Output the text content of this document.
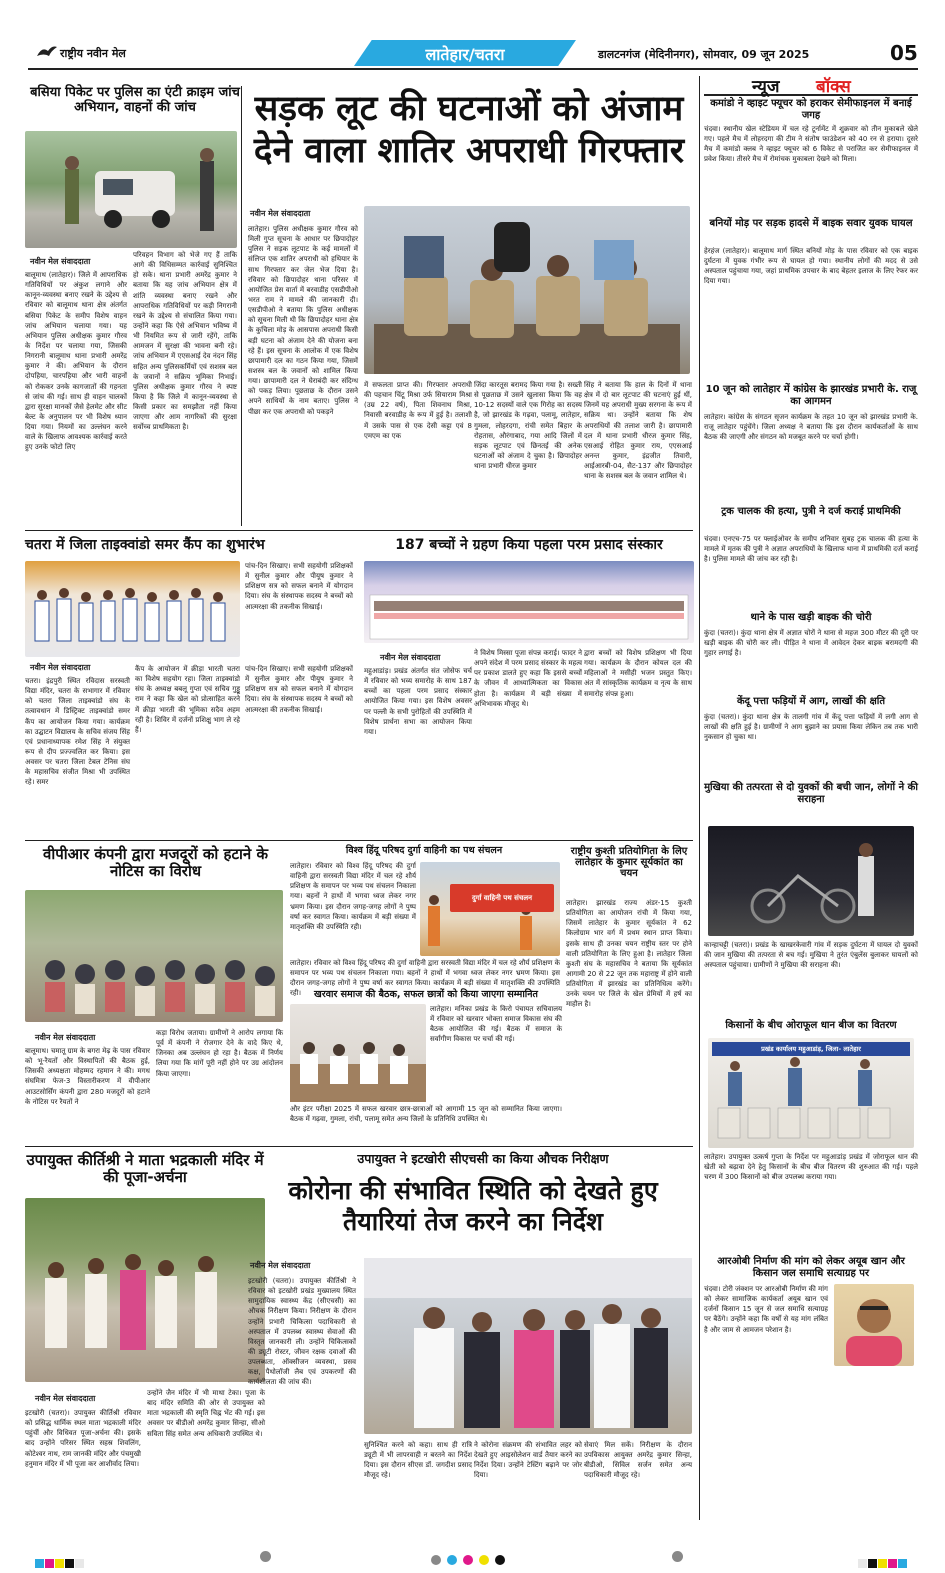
राष्ट्रीय नवीन मेल	लातेहार/चतरा	डालटनगंज (मेदिनीनगर), सोमवार, 09 जून 2025	05
बसिया पिकेट पर पुलिस का एंटी क्राइम जांच अभियान, वाहनों की जांच
नवीन मेल संवाददाता
बालूमाथ (लातेहार)। जिले में आपराधिक गतिविधियों पर अंकुश लगाने और कानून-व्यवस्था बनाए रखने के उद्देश्य से रविवार को बालूमाथ थाना क्षेत्र अंतर्गत बसिया पिकेट के समीप विशेष वाहन जांच अभियान चलाया गया। यह अभियान पुलिस अधीक्षक कुमार गौरव के निर्देश पर चलाया गया, जिसकी निगरानी बालूमाथ थाना प्रभारी अमरेंद्र कुमार ने की। अभियान के दौरान दोपहिया, चारपहिया और भारी वाहनों को रोककर उनके कागजातों की गहनता से जांच की गई। साथ ही वाहन चालकों द्वारा सुरक्षा मानकों जैसे हेलमेट और सीट बेल्ट के अनुपालन पर भी विशेष ध्यान दिया गया। नियमों का उल्लंघन करने वाले के खिलाफ आवश्यक कार्रवाई करते हुए उनके फोटो लिए
परिवहन विभाग को भेजे गए हैं ताकि आगे की विधिसम्मत कार्रवाई सुनिश्चित हो सके। थाना प्रभारी अमरेंद्र कुमार ने बताया कि यह जांच अभियान क्षेत्र में शांति व्यवस्था बनाए रखने और आपराधिक गतिविधियों पर कड़ी निगरानी रखने के उद्देश्य से संचालित किया गया। उन्होंने कहा कि ऐसे अभियान भविष्य में भी नियमित रूप से जारी रहेंगे, ताकि आमजन में सुरक्षा की भावना बनी रहे। जांच अभियान में एएसआई देव नंदन सिंह सहित अन्य पुलिसकर्मियों एवं सशस्त्र बल के जवानों ने सक्रिय भूमिका निभाई। पुलिस अधीक्षक कुमार गौरव ने स्पष्ट किया है कि जिले में कानून-व्यवस्था से किसी प्रकार का समझौता नहीं किया जाएगा और आम नागरिकों की सुरक्षा सर्वोच्च प्राथमिकता है।
सड़क लूट की घटनाओं को अंजाम देने वाला शातिर अपराधी गिरफ्तार
नवीन मेल संवाददाता
लातेहार। पुलिस अधीक्षक कुमार गौरव को मिली गुप्त सूचना के आधार पर छिपादोहर पुलिस ने सड़क लूटपाट के कई मामलों में संलिप्त एक शातिर अपराधी को हथियार के साथ गिरफ्तार कर जेल भेज दिया है। रविवार को छिपादोहर थाना परिसर में आयोजित प्रेस वार्ता में बरवाडीह एसडीपीओ भरत राम ने मामले की जानकारी दी। एसडीपीओ ने बताया कि पुलिस अधीक्षक को सूचना मिली थी कि छिपादोहर थाना क्षेत्र के कुचिला मोड़ के आसपास अपराधी किसी बड़ी घटना को अंजाम देने की योजना बना रहे हैं। इस सूचना के आलोक में एक विशेष छापामारी दल का गठन किया गया, जिसमें सशस्त्र बल के जवानों को शामिल किया गया। छापामारी दल ने घेराबंदी कर संदिग्ध को पकड़ लिया। पूछताछ के दौरान उसने अपने साथियों के नाम बताए। पुलिस ने पीछा कर एक अपराधी को पकड़ने
में सफलता प्राप्त की। गिरफ्तार अपराधी की पहचान चिंटू मिश्रा उर्फ सियाराम मिश्रा (उम्र 22 वर्ष), पिता शिवनाथ मिश्रा, निवासी बरवाडीह के रूप में हुई है। तलाशी में उसके पास से एक देसी कट्टा एवं 8 एमएम का एक
जिंदा कारतूस बरामद किया गया है। सख्ती से पूछताछ में उसने खुलासा किया कि वह 10-12 सदस्यों वाले एक गिरोह का सदस्य है, जो झारखंड के गढ़वा, पलामू, लातेहार, गुमला, लोहरदगा, रांची समेत बिहार के रोहतास, औरंगाबाद, गया आदि जिलों में सड़क लूटपाट एवं छिनतई की अनेक घटनाओं को अंजाम दे चुका है। छिपादोहर थाना प्रभारी धीरज कुमार
सिंह ने बताया कि हाल के दिनों में थाना क्षेत्र में दो बार लूटपाट की घटनाएं हुई थीं, जिनमें यह अपराधी मुख्य सरगना के रूप में सक्रिय था। उन्होंने बताया कि शेष अपराधियों की तलाश जारी है। छापामारी दल में थाना प्रभारी धीरज कुमार सिंह, एसआई रोहित कुमार राय, एएसआई अनन्त कुमार, इंद्रजीत तिवारी, आईआरबी-04, सैट-137 और छिपादोहर थाना के सशस्त्र बल के जवान शामिल थे।
चतरा में जिला ताइक्वांडो समर कैंप का शुभारंभ
पांच-दिन सिखाए। सभी सहयोगी प्रशिक्षकों में सुनील कुमार और पीयूष कुमार ने प्रशिक्षण सत्र को सफल बनाने में योगदान दिया। संघ के संस्थापक सदस्य ने बच्चों को आत्मरक्षा की तकनीक सिखाई।
नवीन मेल संवाददाता
चतरा। इंद्रपुरी स्थित रविदास सरस्वती विद्या मंदिर, चतरा के सभागार में रविवार को चतरा जिला ताइक्वांडो संघ के तत्वावधान में डिस्ट्रिक्ट ताइक्वांडो समर कैंप का आयोजन किया गया। कार्यक्रम का उद्घाटन विद्यालय के सचिव संजय सिंह एवं प्रधानाध्यापक रमेश सिंह ने संयुक्त रूप से दीप प्रज्ज्वलित कर किया। इस अवसर पर चतरा जिला टेबल टेनिस संघ के महासचिव संजीत मिश्रा भी उपस्थित रहे। समर
कैंप के आयोजन में क्रीड़ा भारती चतरा का विशेष सहयोग रहा। जिला ताइक्वांडो संघ के अध्यक्ष बबलू गुप्ता एवं सचिव गुड्डू राम ने कहा कि खेल को प्रोत्साहित करने में क्रीड़ा भारती की भूमिका सदैव अहम रही है। शिविर में दर्जनों प्रशिक्षु भाग ले रहे हैं।
पांच-दिन सिखाए। सभी सहयोगी प्रशिक्षकों में सुनील कुमार और पीयूष कुमार ने प्रशिक्षण सत्र को सफल बनाने में योगदान दिया। संघ के संस्थापक सदस्य ने बच्चों को आत्मरक्षा की तकनीक सिखाई।
187 बच्चों ने ग्रहण किया पहला परम प्रसाद संस्कार
नवीन मेल संवाददाता
महुआडांड़। प्रखंड अंतर्गत संत जोसेफ चर्च में रविवार को भव्य समारोह के साथ 187 बच्चों का पहला परम प्रसाद संस्कार आयोजित किया गया। इस विशेष अवसर पर पल्ली के सभी पुरोहितों की उपस्थिति में विशेष प्रार्थना सभा का आयोजन किया गया।
ने विशेष मिस्सा पूजा संपन्न कराई। फादर ने अपने संदेश में परम प्रसाद संस्कार के महत्व पर प्रकाश डालते हुए कहा कि इससे बच्चों के जीवन में आध्यात्मिकता का विकास होता है। कार्यक्रम में बड़ी संख्या में अभिभावक मौजूद थे।
द्वारा बच्चों को विशेष प्रशिक्षण भी दिया गया। कार्यक्रम के दौरान कोयल दल की महिलाओं ने मसीही भजन प्रस्तुत किए। अंत में सांस्कृतिक कार्यक्रम व नृत्य के साथ समारोह संपन्न हुआ।
वीपीआर कंपनी द्वारा मजदूरों को हटाने के नोटिस का विरोध
नवीन मेल संवाददाता
बालूमाथ। चमातू ग्राम के बगरा मेढ़ के पास रविवार को भू-रैयतों और विस्थापितों की बैठक हुई, जिसकी अध्यक्षता मोहम्मद रहमान ने की। मगध संघमित्रा फेज-3 विस्तारीकरण में वीपीआर आउटसोर्सिंग कंपनी द्वारा 280 मजदूरों को हटाने के नोटिस पर रैयतों ने
कड़ा विरोध जताया। ग्रामीणों ने आरोप लगाया कि पूर्व में कंपनी ने रोजगार देने के वादे किए थे, जिनका अब उल्लंघन हो रहा है। बैठक में निर्णय लिया गया कि मांगें पूरी नहीं होने पर उग्र आंदोलन किया जाएगा।
विश्व हिंदू परिषद दुर्गा वाहिनी का पथ संचलन
लातेहार। रविवार को विश्व हिंदू परिषद की दुर्गा वाहिनी द्वारा सरस्वती विद्या मंदिर में चल रहे शौर्य प्रशिक्षण के समापन पर भव्य पथ संचलन निकाला गया। बहनों ने हाथों में भगवा ध्वज लेकर नगर भ्रमण किया। इस दौरान जगह-जगह लोगों ने पुष्प वर्षा कर स्वागत किया। कार्यक्रम में बड़ी संख्या में मातृशक्ति की उपस्थिति रही।
दुर्गा वाहिनी पथ संचलन
लातेहार। रविवार को विश्व हिंदू परिषद की दुर्गा वाहिनी द्वारा सरस्वती विद्या मंदिर में चल रहे शौर्य प्रशिक्षण के समापन पर भव्य पथ संचलन निकाला गया। बहनों ने हाथों में भगवा ध्वज लेकर नगर भ्रमण किया। इस दौरान जगह-जगह लोगों ने पुष्प वर्षा कर स्वागत किया। कार्यक्रम में बड़ी संख्या में मातृशक्ति की उपस्थिति रही।
राष्ट्रीय कुश्ती प्रतियोगिता के लिए लातेहार के कुमार सूर्यकांत का चयन
लातेहार। झारखंड राज्य अंडर-15 कुश्ती प्रतियोगिता का आयोजन रांची में किया गया, जिसमें लातेहार के कुमार सूर्यकांत ने 62 किलोग्राम भार वर्ग में प्रथम स्थान प्राप्त किया। इसके साथ ही उनका चयन राष्ट्रीय स्तर पर होने वाली प्रतियोगिता के लिए हुआ है। लातेहार जिला कुश्ती संघ के महासचिव ने बताया कि सूर्यकांत आगामी 20 से 22 जून तक महाराष्ट्र में होने वाली प्रतियोगिता में झारखंड का प्रतिनिधित्व करेंगे। उनके चयन पर जिले के खेल प्रेमियों में हर्ष का माहौल है।
खरवार समाज की बैठक, सफल छात्रों को किया जाएगा सम्मानित
लातेहार। मनिका प्रखंड के किरो पंचायत सचिवालय में रविवार को खरवार भोक्ता समाज विकास संघ की बैठक आयोजित की गई। बैठक में समाज के सर्वांगीण विकास पर चर्चा की गई।
और इंटर परीक्षा 2025 में सफल खरवार छात्र-छात्राओं को आगामी 15 जून को सम्मानित किया जाएगा। बैठक में गढ़वा, गुमला, रांची, पलामू समेत अन्य जिलों के प्रतिनिधि उपस्थित थे।
उपायुक्त कीर्तिश्री ने माता भद्रकाली मंदिर में की पूजा-अर्चना
नवीन मेल संवाददाता
इटखोरी (चतरा)। उपायुक्त कीर्तिश्री रविवार को प्रसिद्ध धार्मिक स्थल माता भद्रकाली मंदिर पहुंचीं और विधिवत पूजा-अर्चना की। इसके बाद उन्होंने परिसर स्थित सहस्र शिवलिंग, कोटेश्वर नाथ, राम जानकी मंदिर और पंचमुखी हनुमान मंदिर में भी पूजा कर आशीर्वाद लिया।
उन्होंने जैन मंदिर में भी माथा टेका। पूजा के बाद मंदिर समिति की ओर से उपायुक्त को माता भद्रकाली की स्मृति चिह्न भेंट की गई। इस अवसर पर बीडीओ अमरेंद्र कुमार सिन्हा, सीओ सविता सिंह समेत अन्य अधिकारी उपस्थित थे।
उपायुक्त ने इटखोरी सीएचसी का किया औचक निरीक्षण
कोरोना की संभावित स्थिति को देखते हुए तैयारियां तेज करने का निर्देश
नवीन मेल संवाददाता
इटखोरी (चतरा)। उपायुक्त कीर्तिश्री ने रविवार को इटखोरी प्रखंड मुख्यालय स्थित सामुदायिक स्वास्थ्य केंद्र (सीएचसी) का औचक निरीक्षण किया। निरीक्षण के दौरान उन्होंने प्रभारी चिकित्सा पदाधिकारी से अस्पताल में उपलब्ध स्वास्थ्य सेवाओं की विस्तृत जानकारी ली। उन्होंने चिकित्सकों की ड्यूटी रोस्टर, जीवन रक्षक दवाओं की उपलब्धता, ऑक्सीजन व्यवस्था, प्रसव कक्ष, पैथोलॉजी लैब एवं उपकरणों की कार्यशीलता की जांच की।
सुनिश्चित करने को कहा। साथ ही रात्रि ड्यूटी में भी लापरवाही न बरतने का निर्देश दिया। इस दौरान सीएस डॉ. जगदीश प्रसाद मौजूद रहे।
ने कोरोना संक्रमण की संभावित लहर को देखते हुए आइसोलेशन वार्ड तैयार करने का निर्देश दिया। उन्होंने टेस्टिंग बढ़ाने पर जोर दिया।
सेवाएं मिल सकें। निरीक्षण के दौरान उपविकास आयुक्त अमरेंद्र कुमार सिन्हा, बीडीओ, सिविल सर्जन समेत अन्य पदाधिकारी मौजूद रहे।
न्यूज बॉक्स
कमांडो ने व्हाइट फ्यूचर को हराकर सेमीफाइनल में बनाई जगह
चंदवा। स्थानीय खेल स्टेडियम में चल रहे टूर्नामेंट में शुक्रवार को तीन मुकाबले खेले गए। पहले मैच में लोहरदगा की टीम ने संतोष फाउंडेशन को 40 रन से हराया। दूसरे मैच में कमांडो क्लब ने व्हाइट फ्यूचर को 6 विकेट से पराजित कर सेमीफाइनल में प्रवेश किया। तीसरे मैच में रोमांचक मुकाबला देखने को मिला।
बनियों मोड़ पर सड़क हादसे में बाइक सवार युवक घायल
हेरहंज (लातेहार)। बालूमाथ मार्ग स्थित बनियों मोड़ के पास रविवार को एक बाइक दुर्घटना में युवक गंभीर रूप से घायल हो गया। स्थानीय लोगों की मदद से उसे अस्पताल पहुंचाया गया, जहां प्राथमिक उपचार के बाद बेहतर इलाज के लिए रेफर कर दिया गया।
10 जून को लातेहार में कांग्रेस के झारखंड प्रभारी के. राजू का आगमन
लातेहार। कांग्रेस के संगठन सृजन कार्यक्रम के तहत 10 जून को झारखंड प्रभारी के. राजू लातेहार पहुंचेंगे। जिला अध्यक्ष ने बताया कि इस दौरान कार्यकर्ताओं के साथ बैठक की जाएगी और संगठन को मजबूत करने पर चर्चा होगी।
ट्रक चालक की हत्या, पुत्री ने दर्ज कराई प्राथमिकी
चंदवा। एनएच-75 पर फ्लाईओवर के समीप शनिवार सुबह ट्रक चालक की हत्या के मामले में मृतक की पुत्री ने अज्ञात अपराधियों के खिलाफ थाना में प्राथमिकी दर्ज कराई है। पुलिस मामले की जांच कर रही है।
थाने के पास खड़ी बाइक की चोरी
कुंदा (चतरा)। कुंदा थाना क्षेत्र में अज्ञात चोरों ने थाना से महज 300 मीटर की दूरी पर खड़ी बाइक की चोरी कर ली। पीड़ित ने थाना में आवेदन देकर बाइक बरामदगी की गुहार लगाई है।
केंदू पत्ता फड़ियों में आग, लाखों की क्षति
कुंदा (चतरा)। कुंदा थाना क्षेत्र के तालगी गांव में केंदू पत्ता फड़ियों में लगी आग से लाखों की क्षति हुई है। ग्रामीणों ने आग बुझाने का प्रयास किया लेकिन तब तक भारी नुकसान हो चुका था।
मुखिया की तत्परता से दो युवकों की बची जान, लोगों ने की सराहना
कान्हाचट्टी (चतरा)। प्रखंड के खाखरकेवारी गांव में सड़क दुर्घटना में घायल दो युवकों की जान मुखिया की तत्परता से बच गई। मुखिया ने तुरंत एंबुलेंस बुलाकर घायलों को अस्पताल पहुंचाया। ग्रामीणों ने मुखिया की सराहना की।
किसानों के बीच ओराफूल धान बीज का वितरण
प्रखंड कार्यालय महुआडांड़, जिला- लातेहार
लातेहार। उपायुक्त उत्कर्ष गुप्ता के निर्देश पर महुआडांड़ प्रखंड में जोराफूल धान की खेती को बढ़ावा देने हेतु किसानों के बीच बीज वितरण की शुरुआत की गई। पहले चरण में 300 किसानों को बीज उपलब्ध कराया गया।
आरओबी निर्माण की मांग को लेकर अयूब खान और किसान जल समाधि सत्याग्रह पर
चंदवा। टोरी जंक्शन पर आरओबी निर्माण की मांग को लेकर सामाजिक कार्यकर्ता अयूब खान एवं दर्जनों किसान 15 जून से जल समाधि सत्याग्रह पर बैठेंगे। उन्होंने कहा कि वर्षों से यह मांग लंबित है और जाम से आमजन परेशान है।
